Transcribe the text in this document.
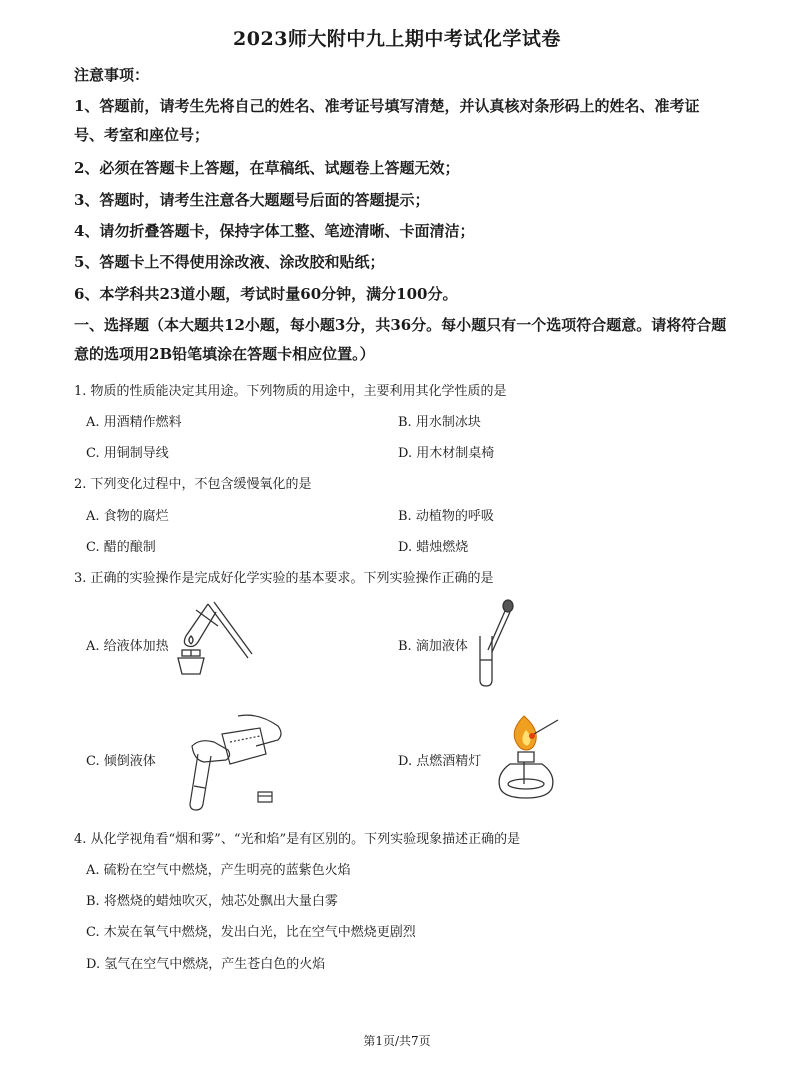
2023师大附中九上期中考试化学试卷
注意事项：
1、答题前，请考生先将自己的姓名、准考证号填写清楚，并认真核对条形码上的姓名、准考证号、考室和座位号；
2、必须在答题卡上答题，在草稿纸、试题卷上答题无效；
3、答题时，请考生注意各大题题号后面的答题提示；
4、请勿折叠答题卡，保持字体工整、笔迹清晰、卡面清洁；
5、答题卡上不得使用涂改液、涂改胶和贴纸；
6、本学科共23道小题，考试时量60分钟，满分100分。
一、选择题（本大题共12小题，每小题3分，共36分。每小题只有一个选项符合题意。请将符合题意的选项用2B铅笔填涂在答题卡相应位置。）
1. 物质的性质能决定其用途。下列物质的用途中，主要利用其化学性质的是
A. 用酒精作燃料	B. 用水制冰块
C. 用铜制导线	D. 用木材制桌椅
2. 下列变化过程中，不包含缓慢氧化的是
A. 食物的腐烂	B. 动植物的呼吸
C. 醋的酿制	D. 蜡烛燃烧
3. 正确的实验操作是完成好化学实验的基本要求。下列实验操作正确的是
A. 给液体加热	B. 滴加液体
C. 倾倒液体	D. 点燃酒精灯
4. 从化学视角看“烟和雾”、“光和焰”是有区别的。下列实验现象描述正确的是
A. 硫粉在空气中燃烧，产生明亮的蓝紫色火焰
B. 将燃烧的蜡烛吹灭，烛芯处飘出大量白雾
C. 木炭在氧气中燃烧，发出白光，比在空气中燃烧更剧烈
D. 氢气在空气中燃烧，产生苍白色的火焰
第1页/共7页
